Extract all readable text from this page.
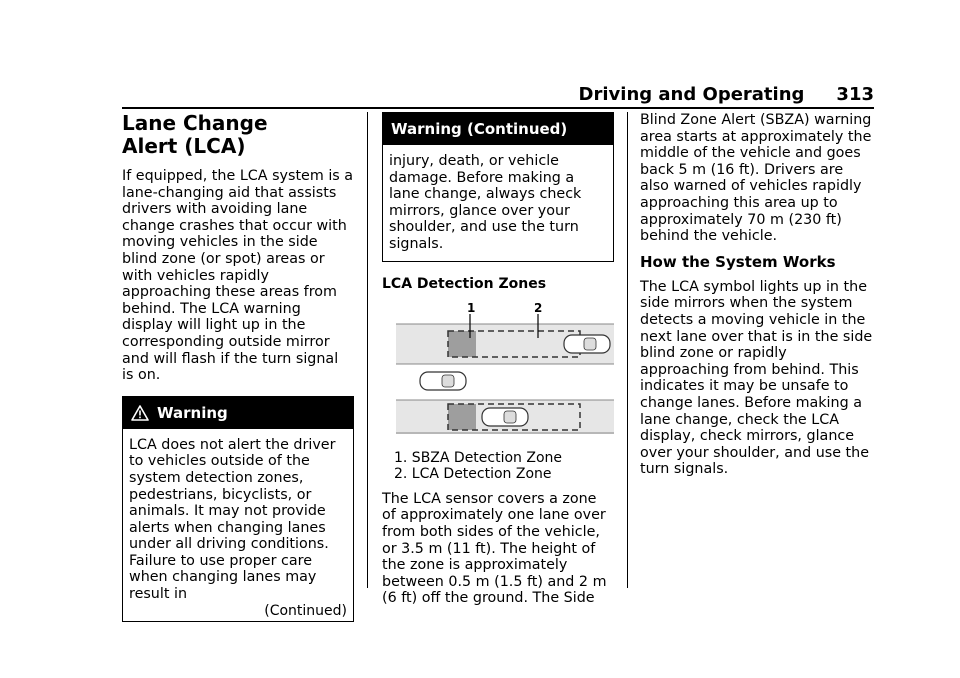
Driving and Operating 313
Lane Change
Alert (LCA)

If equipped, the LCA system is a lane-changing aid that assists drivers with avoiding lane change crashes that occur with moving vehicles in the side blind zone (or spot) areas or with vehicles rapidly approaching these areas from behind. The LCA warning display will light up in the corresponding outside mirror and will flash if the turn signal is on.

Warning

LCA does not alert the driver to vehicles outside of the system detection zones, pedestrians, bicyclists, or animals. It may not provide alerts when changing lanes under all driving conditions. Failure to use proper care when changing lanes may result in

(Continued)
Warning (Continued)

injury, death, or vehicle damage. Before making a lane change, always check mirrors, glance over your shoulder, and use the turn signals.

LCA Detection Zones
1	2
1. SBZA Detection Zone
2. LCA Detection Zone

The LCA sensor covers a zone of approximately one lane over from both sides of the vehicle, or 3.5 m (11 ft). The height of the zone is approximately between 0.5 m (1.5 ft) and 2 m (6 ft) off the ground. The Side

Blind Zone Alert (SBZA) warning area starts at approximately the middle of the vehicle and goes back 5 m (16 ft). Drivers are also warned of vehicles rapidly approaching this area up to approximately 70 m (230 ft) behind the vehicle.

How the System Works

The LCA symbol lights up in the side mirrors when the system detects a moving vehicle in the next lane over that is in the side blind zone or rapidly approaching from behind. This indicates it may be unsafe to change lanes. Before making a lane change, check the LCA display, check mirrors, glance over your shoulder, and use the turn signals.
